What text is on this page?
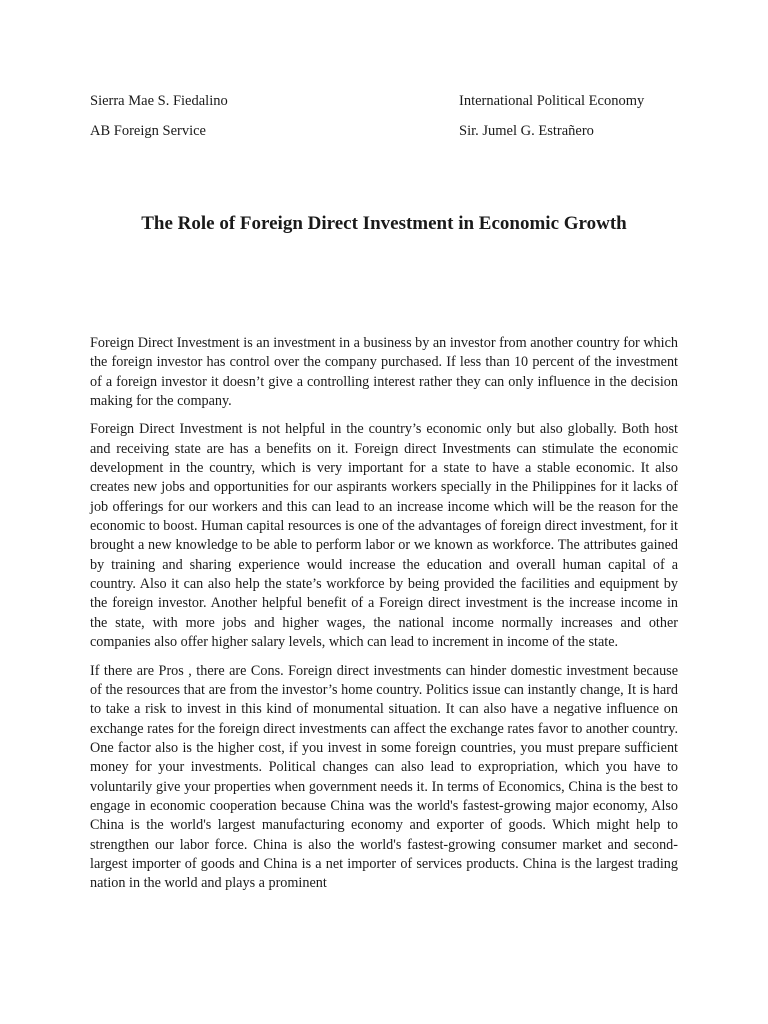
Sierra Mae S. Fiedalino	International Political Economy
AB Foreign Service	Sir. Jumel G. Estrañero
The Role of Foreign Direct Investment in Economic Growth

Foreign Direct Investment is an investment in a business by an investor from another country for which the foreign investor has control over the company purchased. If less than 10 percent of the investment of a foreign investor it doesn’t give a controlling interest rather they can only influence in the decision making for the company.

Foreign Direct Investment is not helpful in the country’s economic only but also globally. Both host and receiving state are has a benefits on it. Foreign direct Investments can stimulate the economic development in the country, which is very important for a state to have a stable economic. It also creates new jobs and opportunities for our aspirants workers specially in the Philippines for it lacks of job offerings for our workers and this can lead to an increase income which will be the reason for the economic to boost. Human capital resources is one of the advantages of foreign direct investment, for it brought a new knowledge to be able to perform labor or we known as workforce. The attributes gained by training and sharing experience would increase the education and overall human capital of a country. Also it can also help the state’s workforce by being provided the facilities and equipment by the foreign investor. Another helpful benefit of a Foreign direct investment is the increase income in the state, with more jobs and higher wages, the national income normally increases and other companies also offer higher salary levels, which can lead to increment in income of the state.

If there are Pros , there are Cons. Foreign direct investments can hinder domestic investment because of the resources that are from the investor’s home country. Politics issue can instantly change, It is hard to take a risk to invest in this kind of monumental situation. It can also have a negative influence on exchange rates for the foreign direct investments can affect the exchange rates favor to another country. One factor also is the higher cost, if you invest in some foreign countries, you must prepare sufficient money for your investments. Political changes can also lead to expropriation, which you have to voluntarily give your properties when government needs it. In terms of Economics, China is the best to engage in economic cooperation because China was the world's fastest-growing major economy, Also China is the world's largest manufacturing economy and exporter of goods. Which might help to strengthen our labor force. China is also the world's fastest-growing consumer market and second-largest importer of goods and China is a net importer of services products. China is the largest trading nation in the world and plays a prominent
